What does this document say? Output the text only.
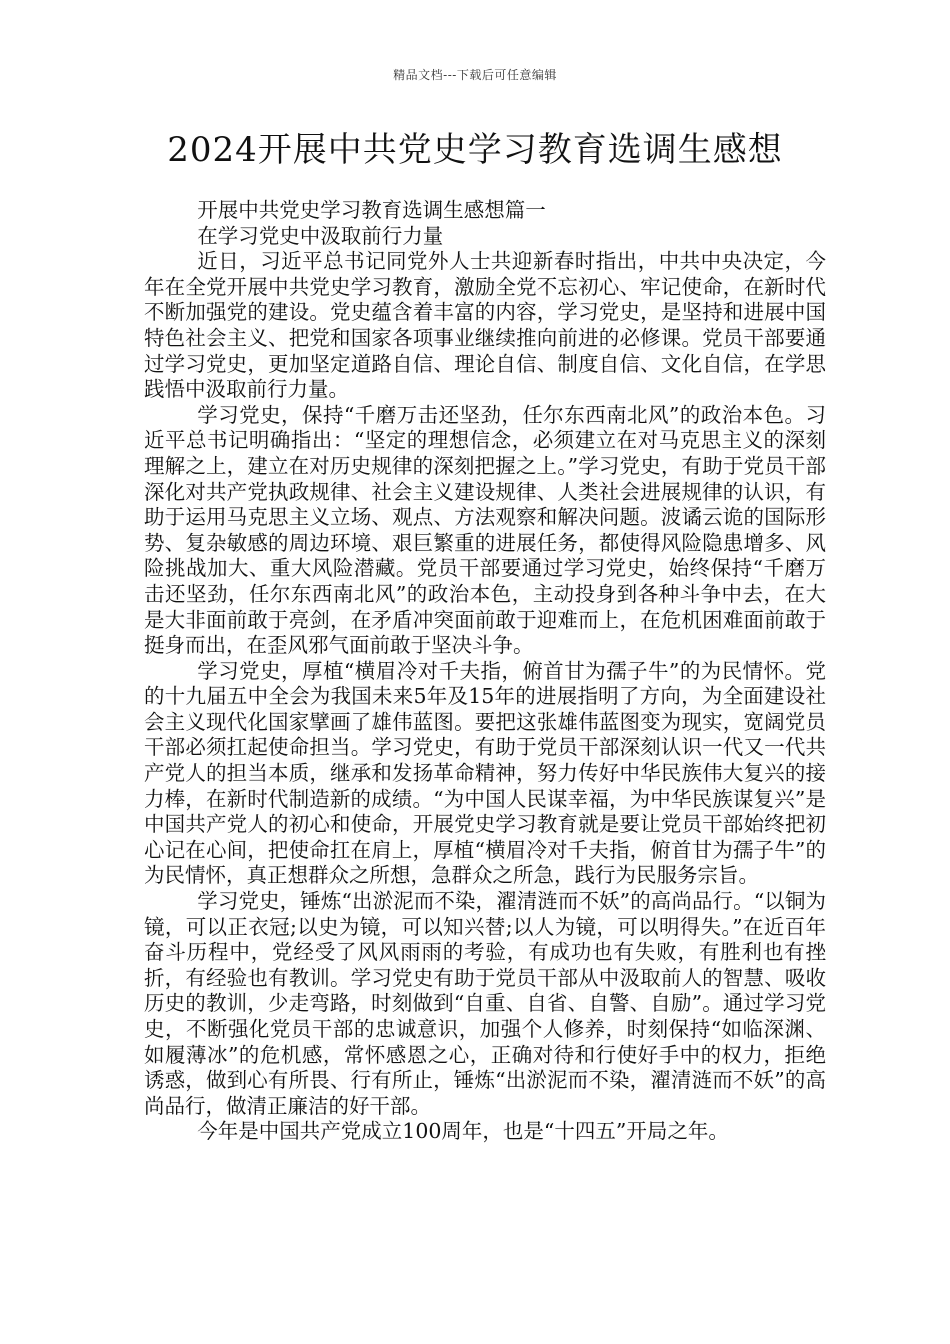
精品文档---下载后可任意编辑
2024开展中共党史学习教育选调生感想

开展中共党史学习教育选调生感想篇一

在学习党史中汲取前行力量

近日，习近平总书记同党外人士共迎新春时指出，中共中央决定，今年在全党开展中共党史学习教育，激励全党不忘初心、牢记使命，在新时代不断加强党的建设。党史蕴含着丰富的内容，学习党史，是坚持和进展中国特色社会主义、把党和国家各项事业继续推向前进的必修课。党员干部要通过学习党史，更加坚定道路自信、理论自信、制度自信、文化自信，在学思践悟中汲取前行力量。

学习党史，保持“千磨万击还坚劲，任尔东西南北风”的政治本色。习近平总书记明确指出：“坚定的理想信念，必须建立在对马克思主义的深刻理解之上，建立在对历史规律的深刻把握之上。”学习党史，有助于党员干部深化对共产党执政规律、社会主义建设规律、人类社会进展规律的认识，有助于运用马克思主义立场、观点、方法观察和解决问题。波谲云诡的国际形势、复杂敏感的周边环境、艰巨繁重的进展任务，都使得风险隐患增多、风险挑战加大、重大风险潜藏。党员干部要通过学习党史，始终保持“千磨万击还坚劲，任尔东西南北风”的政治本色，主动投身到各种斗争中去，在大是大非面前敢于亮剑，在矛盾冲突面前敢于迎难而上，在危机困难面前敢于挺身而出，在歪风邪气面前敢于坚决斗争。

学习党史，厚植“横眉冷对千夫指，俯首甘为孺子牛”的为民情怀。党的十九届五中全会为我国未来5年及15年的进展指明了方向，为全面建设社会主义现代化国家擘画了雄伟蓝图。要把这张雄伟蓝图变为现实，宽阔党员干部必须扛起使命担当。学习党史，有助于党员干部深刻认识一代又一代共产党人的担当本质，继承和发扬革命精神，努力传好中华民族伟大复兴的接力棒，在新时代制造新的成绩。“为中国人民谋幸福，为中华民族谋复兴”是中国共产党人的初心和使命，开展党史学习教育就是要让党员干部始终把初心记在心间，把使命扛在肩上，厚植“横眉冷对千夫指，俯首甘为孺子牛”的为民情怀，真正想群众之所想，急群众之所急，践行为民服务宗旨。

学习党史，锤炼“出淤泥而不染，濯清涟而不妖”的高尚品行。“以铜为镜，可以正衣冠;以史为镜，可以知兴替;以人为镜，可以明得失。”在近百年奋斗历程中，党经受了风风雨雨的考验，有成功也有失败，有胜利也有挫折，有经验也有教训。学习党史有助于党员干部从中汲取前人的智慧、吸收历史的教训，少走弯路，时刻做到“自重、自省、自警、自励”。通过学习党史，不断强化党员干部的忠诚意识，加强个人修养，时刻保持“如临深渊、如履薄冰”的危机感，常怀感恩之心，正确对待和行使好手中的权力，拒绝诱惑，做到心有所畏、行有所止，锤炼“出淤泥而不染，濯清涟而不妖”的高尚品行，做清正廉洁的好干部。

今年是中国共产党成立100周年，也是“十四五”开局之年。
